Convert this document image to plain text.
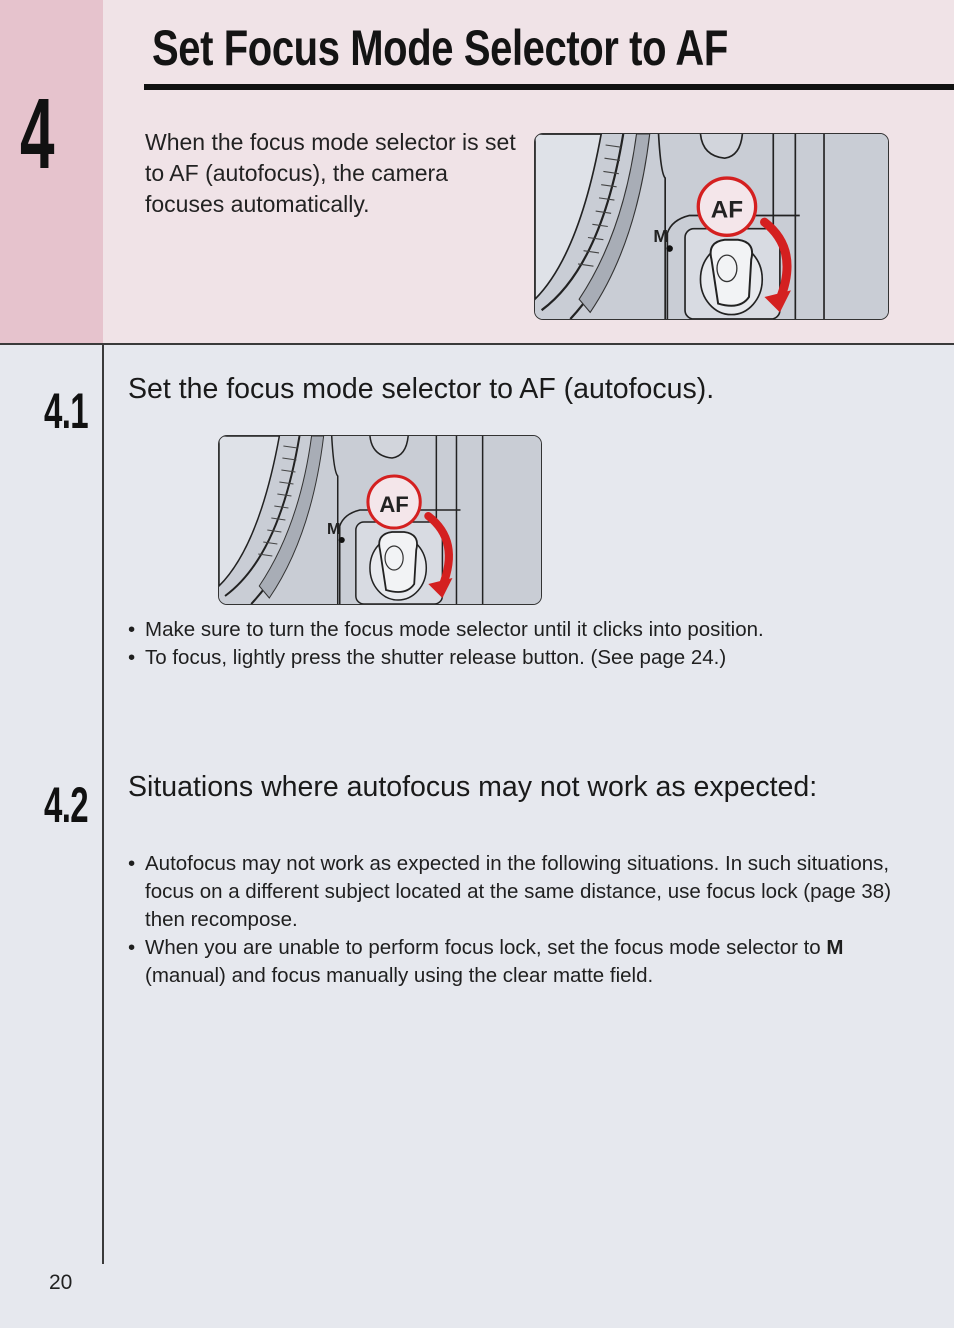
4
Set Focus Mode Selector to AF
When the focus mode selector is set to AF (autofocus), the camera focuses automatically.	AF
M
4.1 Set the focus mode selector to AF (autofocus).
AF
M
• Make sure to turn the focus mode selector until it clicks into position.
• To focus, lightly press the shutter release button. (See page 24.)
4.2 Situations where autofocus may not work as expected:
• Autofocus may not work as expected in the following situations. In such situations, focus on a different subject located at the same distance, use focus lock (page 38) then recompose.
• When you are unable to perform focus lock, set the focus mode selector to M (manual) and focus manually using the clear matte field.
20
